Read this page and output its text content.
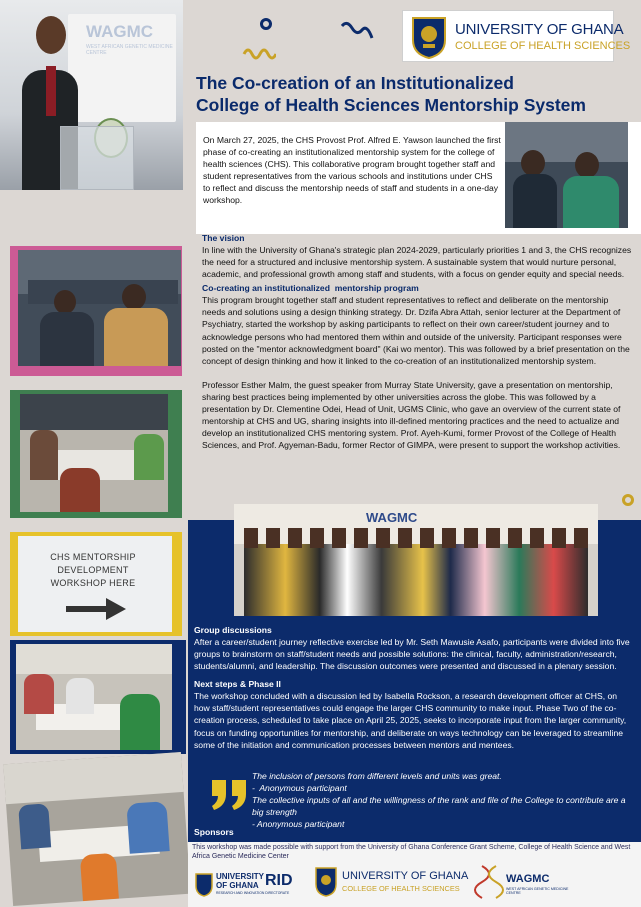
WAGMC
WEST AFRICAN GENETIC MEDICINE CENTRE
UNIVERSITY OF GHANA
COLLEGE OF HEALTH SCIENCES
The Co-creation of an Institutionalized
College of Health Sciences Mentorship System
On March 27, 2025, the CHS Provost Prof. Alfred E. Yawson launched the first phase of co-creating an institutionalized mentorship system for the college of health sciences (CHS). This collaborative program brought together staff and student representatives from the various schools and institutions under CHS to reflect and discuss the mentorship needs of staff and students in a one-day workshop.
CHS MENTORSHIP
DEVELOPMENT
WORKSHOP HERE
The vision
In line with the University of Ghana's strategic plan 2024-2029, particularly priorities 1 and 3, the CHS recognizes the need for a structured and inclusive mentorship system. A sustainable system that would nurture personal, academic, and professional growth among staff and students, with a focus on gender equity and special needs.
Co-creating an institutionalized  mentorship program
This program brought together staff and student representatives to reflect and deliberate on the mentorship needs and solutions using a design thinking strategy. Dr. Dzifa Abra Attah, senior lecturer at the Department of Psychiatry, started the workshop by asking participants to reflect on their own career/student journey and to acknowledge persons who had mentored them within and outside of the university. Participant responses were posted on the "mentor acknowledgment board" (Kai wo mentor). This was followed by a brief presentation on the concept of design thinking and how it linked to the co-creation of an institutionalized mentorship system.
Professor Esther Malm, the guest speaker from Murray State University, gave a presentation on mentorship, sharing best practices being implemented by other universities across the globe. This was followed by a presentation by Dr. Clementine Odei, Head of Unit, UGMS Clinic, who gave an overview of the current state of mentorship at CHS and UG, sharing insights into ill-defined mentoring practices and the need to actualize and develop an institutionalized CHS mentoring system. Prof. Ayeh-Kumi, former Provost of the College of Health Sciences, and Prof. Agyeman-Badu, former Rector of GIMPA, were present to support the workshop activities.
WAGMC
Group discussions
After a career/student journey reflective exercise led by Mr. Seth Mawusie Asafo, participants were divided into five groups to brainstorm on staff/student needs and possible solutions: the clinical, faculty, administration/research, students/alumni, and leadership. The discussion outcomes were presented and discussed in a plenary session.
Next steps & Phase II
The workshop concluded with a discussion led by Isabella Rockson, a research development officer at CHS, on how staff/student representatives could engage the larger CHS community to make input. Phase Two of the co-creation process, scheduled to take place on April 25, 2025, seeks to incorporate input from the larger community, focus on funding opportunities for mentorship, and deliberate on ways technology can be leveraged to streamline some of the initiation and communication processes between mentors and mentees.
The inclusion of persons from different levels and units was great.
-  Anonymous participant
The collective inputs of all and the willingness of the rank and file of the College to contribute are a big strength
- Anonymous participant
Sponsors
This workshop was made possible with support from the University of Ghana Conference Grant Scheme, College of Health Science and West Africa Genetic Medicine Center
UNIVERSITY
OF GHANA RID
RESEARCH AND INNOVATION DIRECTORATE
UNIVERSITY OF GHANA
COLLEGE OF HEALTH SCIENCES
WAGMC
WEST AFRICAN GENETIC MEDICINE CENTRE
